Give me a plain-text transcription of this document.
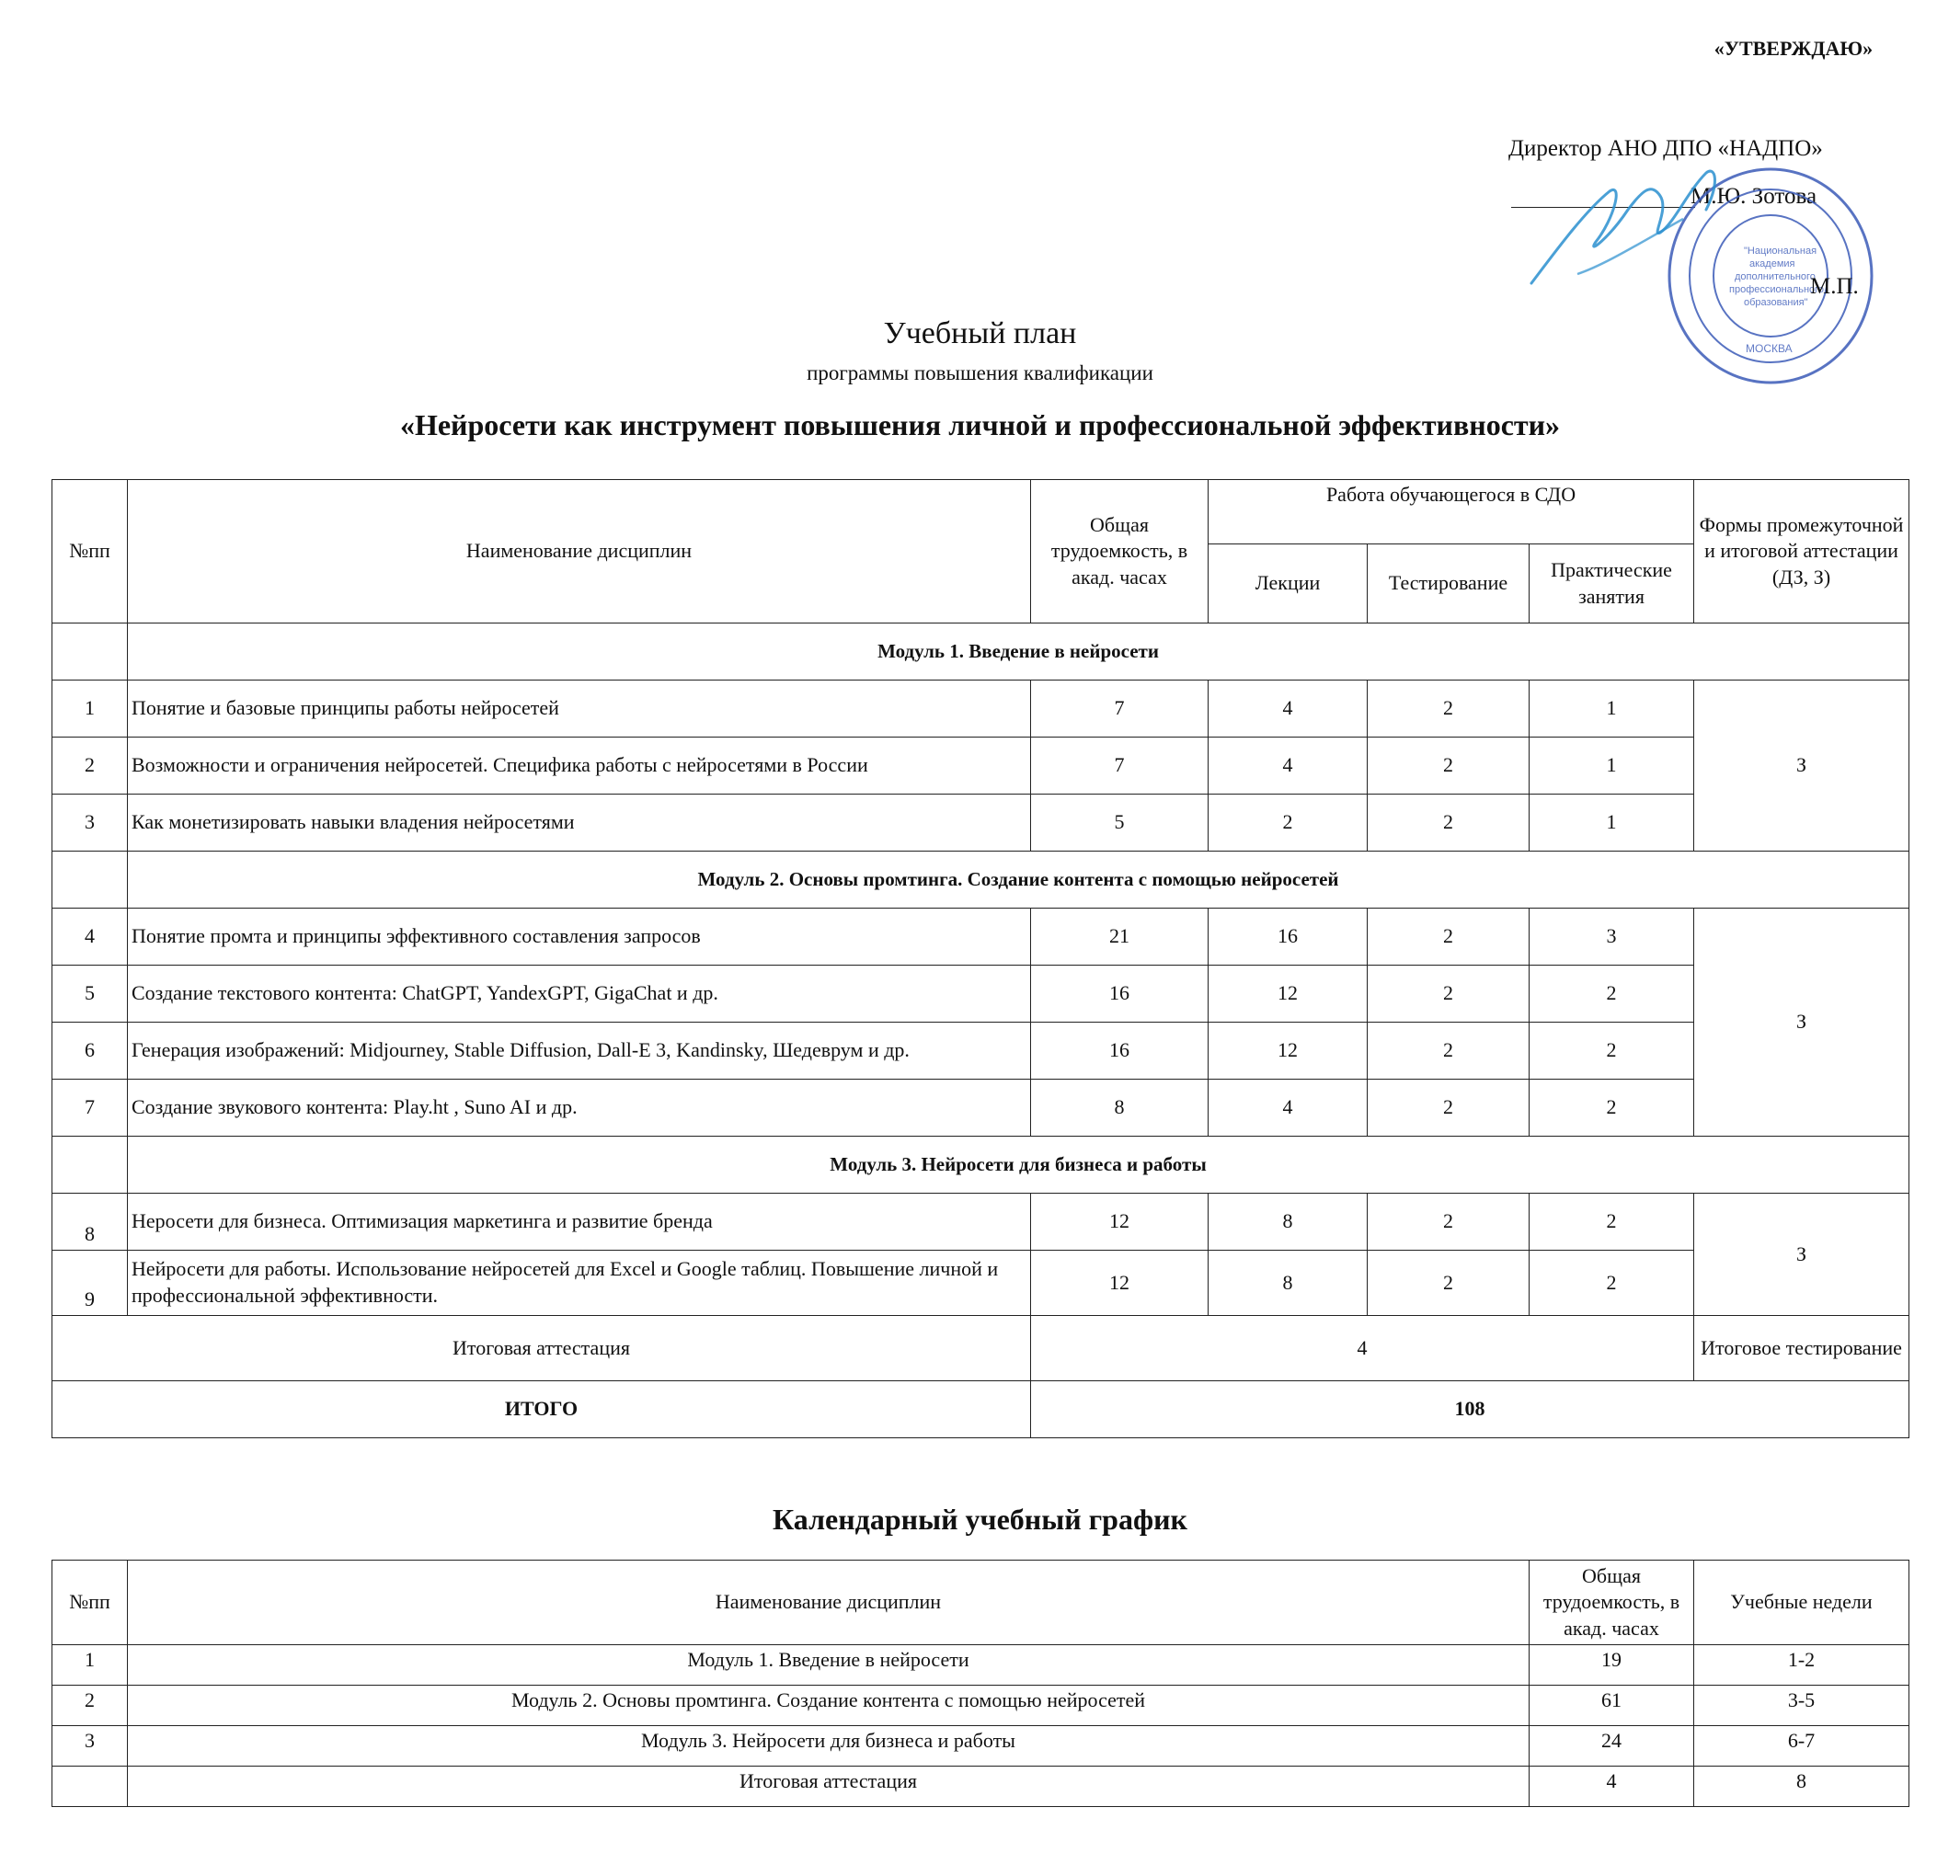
«УТВЕРЖДАЮ»
Директор АНО ДПО «НАДПО»
М.Ю. Зотова
"Национальная
академия
дополнительного
профессионального
образования"
МОСКВА
М.П.
Учебный план
программы повышения квалификации
«Нейросети как инструмент повышения личной и профессиональной эффективности»
№пп	Наименование дисциплин	Общая трудоемкость, в акад. часах	Работа обучающегося в СДО			Формы промежуточной и итоговой аттестации (ДЗ, З)
			Лекции	Тестирование	Практические занятия	
	Модуль 1. Введение в нейросети					
1	Понятие и базовые принципы работы нейросетей	7	4	2	1	З
2	Возможности и ограничения нейросетей. Специфика работы с нейросетями в России	7	4	2	1	
3	Как монетизировать навыки владения нейросетями	5	2	2	1	
	Модуль 2. Основы промтинга. Создание контента с помощью нейросетей					
4	Понятие промта и принципы эффективного составления запросов	21	16	2	3	З
5	Создание текстового контента: ChatGPT, YandexGPT, GigaChat и др.	16	12	2	2	
6	Генерация изображений: Midjourney, Stable Diffusion, Dall-E 3, Kandinsky, Шедеврум и др.	16	12	2	2	
7	Создание звукового контента: Play.ht , Suno AI и др.	8	4	2	2	
	Модуль 3. Нейросети для бизнеса и работы					
8	Неросети для бизнеса. Оптимизация маркетинга и развитие бренда	12	8	2	2	З
9	Нейросети для работы. Использование нейросетей для Excel и Google таблиц. Повышение личной и профессиональной эффективности.	12	8	2	2	
Итоговая аттестация		4				Итоговое тестирование
ИТОГО		108				
Календарный учебный график
№пп	Наименование дисциплин	Общая трудоемкость, в акад. часах	Учебные недели
1	Модуль 1. Введение в нейросети	19	1-2
2	Модуль 2. Основы промтинга. Создание контента с помощью нейросетей	61	3-5
3	Модуль 3. Нейросети для бизнеса и работы	24	6-7
	Итоговая аттестация	4	8
